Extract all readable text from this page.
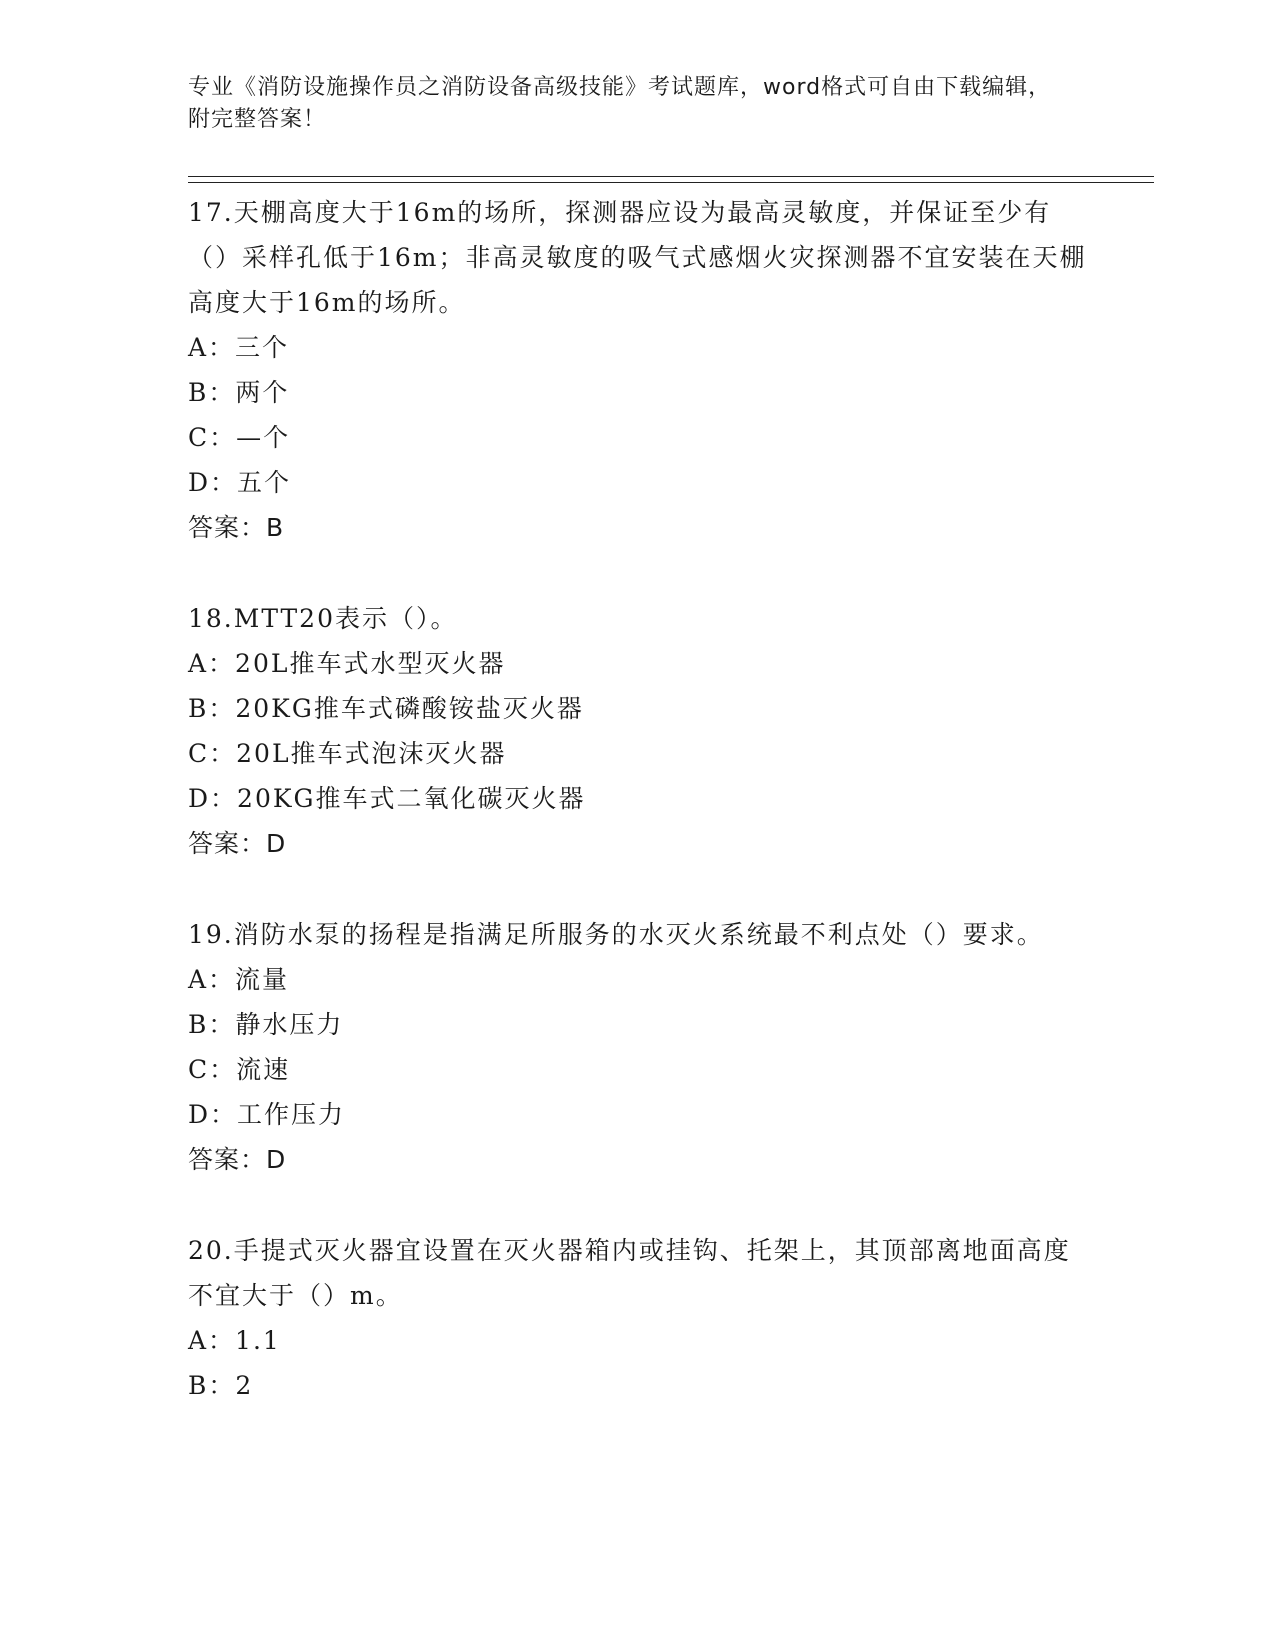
专业《消防设施操作员之消防设备高级技能》考试题库，word格式可自由下载编辑，附完整答案！
17.天棚高度大于16m的场所，探测器应设为最高灵敏度，并保证至少有（）采样孔低于16m；非高灵敏度的吸气式感烟火灾探测器不宜安装在天棚高度大于16m的场所。
A：三个
B：两个
C：—个
D：五个
答案：B
18.MTT20表示（）。
A：20L推车式水型灭火器
B：20KG推车式磷酸铵盐灭火器
C：20L推车式泡沫灭火器
D：20KG推车式二氧化碳灭火器
答案：D
19.消防水泵的扬程是指满足所服务的水灭火系统最不利点处（）要求。
A：流量
B：静水压力
C：流速
D：工作压力
答案：D
20.手提式灭火器宜设置在灭火器箱内或挂钩、托架上，其顶部离地面高度不宜大于（）m。
A：1.1
B：2
